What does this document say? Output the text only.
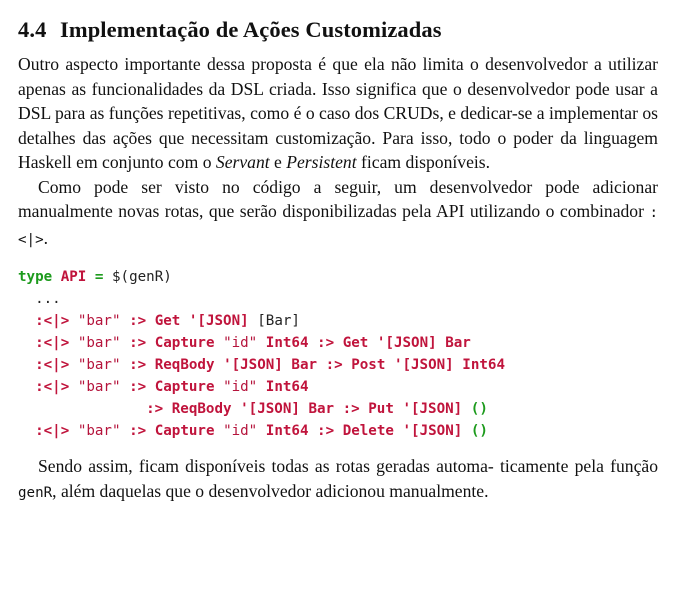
4.4 Implementação de Ações Customizadas

Outro aspecto importante dessa proposta é que ela não limita o desenvolvedor a utilizar apenas as funcionalidades da DSL criada. Isso significa que o desenvolvedor pode usar a DSL para as funções repetitivas, como é o caso dos CRUDs, e dedicar-se a implementar os detalhes das ações que necessitam customização. Para isso, todo o poder da linguagem Haskell em conjunto com o Servant e Persistent ficam disponíveis.

Como pode ser visto no código a seguir, um desenvolvedor pode adicionar manualmente novas rotas, que serão disponibilizadas pela API utilizando o combinador :<|>.

type API = $(genR)
...
:<|> "bar" :> Get '[JSON] [Bar]
:<|> "bar" :> Capture "id" Int64 :> Get '[JSON] Bar
:<|> "bar" :> ReqBody '[JSON] Bar :> Post '[JSON] Int64
:<|> "bar" :> Capture "id" Int64
:> ReqBody '[JSON] Bar :> Put '[JSON] ()
:<|> "bar" :> Capture "id" Int64 :> Delete '[JSON] ()

Sendo assim, ficam disponíveis todas as rotas geradas automa- ticamente pela função genR, além daquelas que o desenvolvedor adicionou manualmente.
